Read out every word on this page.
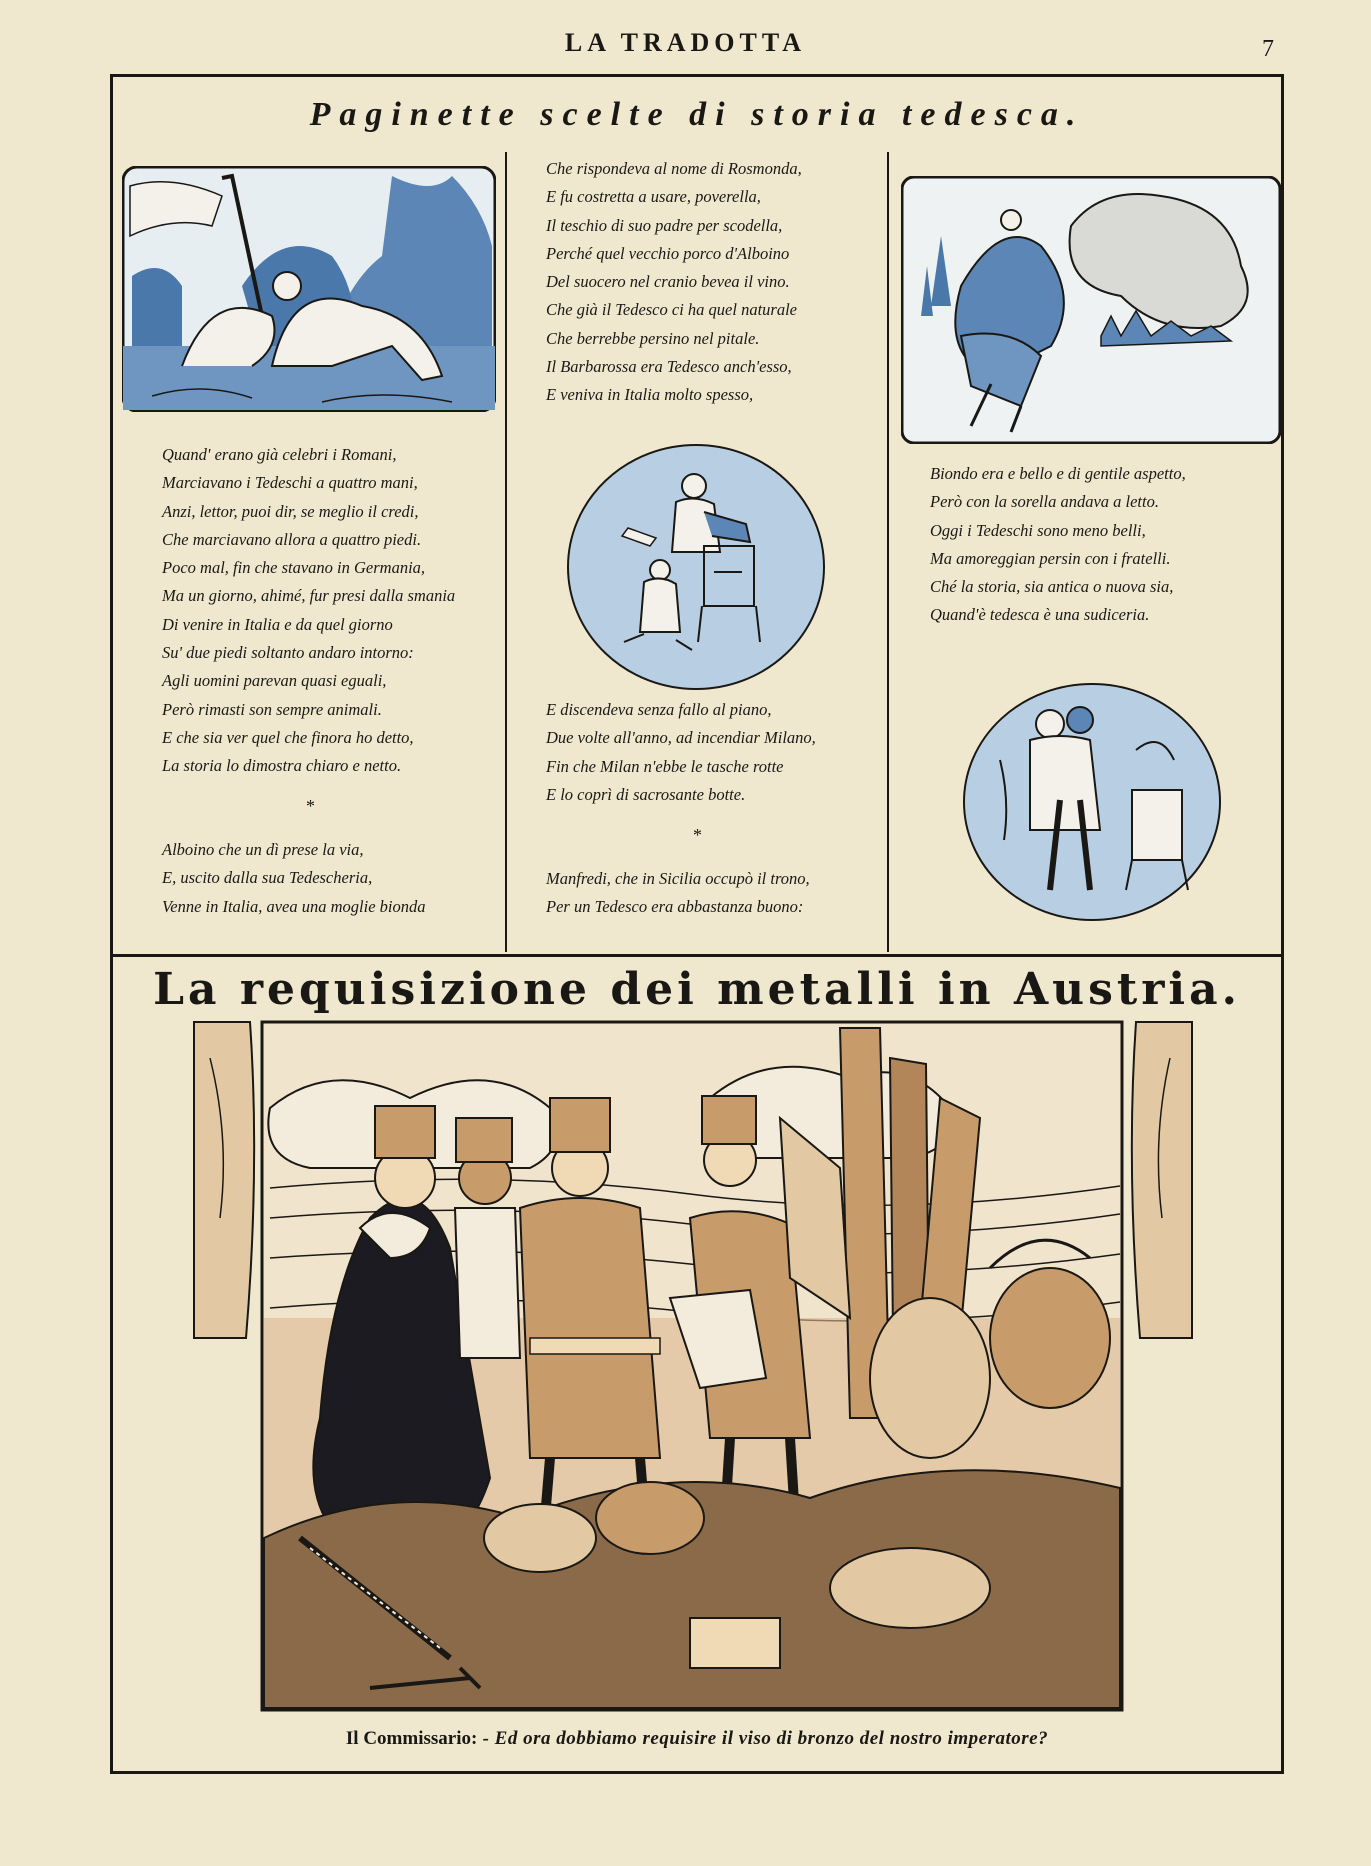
LA TRADOTTA	7
Paginette scelte di storia tedesca.
Quand' erano già celebri i Romani,
Marciavano i Tedeschi a quattro mani,
Anzi, lettor, puoi dir, se meglio il credi,
Che marciavano allora a quattro piedi.
Poco mal, fin che stavano in Germania,
Ma un giorno, ahimé, fur presi dalla smania
Di venire in Italia e da quel giorno
Su' due piedi soltanto andaro intorno:
Agli uomini parevan quasi eguali,
Però rimasti son sempre animali.
E che sia ver quel che finora ho detto,
La storia lo dimostra chiaro e netto.
*
Alboino che un dì prese la via,
E, uscito dalla sua Tedescheria,
Venne in Italia, avea una moglie bionda
Che rispondeva al nome di Rosmonda,
E fu costretta a usare, poverella,
Il teschio di suo padre per scodella,
Perché quel vecchio porco d'Alboino
Del suocero nel cranio bevea il vino.
Che già il Tedesco ci ha quel naturale
Che berrebbe persino nel pitale.
Il Barbarossa era Tedesco anch'esso,
E veniva in Italia molto spesso,
E discendeva senza fallo al piano,
Due volte all'anno, ad incendiar Milano,
Fin che Milan n'ebbe le tasche rotte
E lo coprì di sacrosante botte.
*
Manfredi, che in Sicilia occupò il trono,
Per un Tedesco era abbastanza buono:
Biondo era e bello e di gentile aspetto,
Però con la sorella andava a letto.
Oggi i Tedeschi sono meno belli,
Ma amoreggian persin con i fratelli.
Ché la storia, sia antica o nuova sia,
Quand'è tedesca è una sudiceria.
La requisizione dei metalli in Austria.
Il Commissario: - Ed ora dobbiamo requisire il viso di bronzo del nostro imperatore?
